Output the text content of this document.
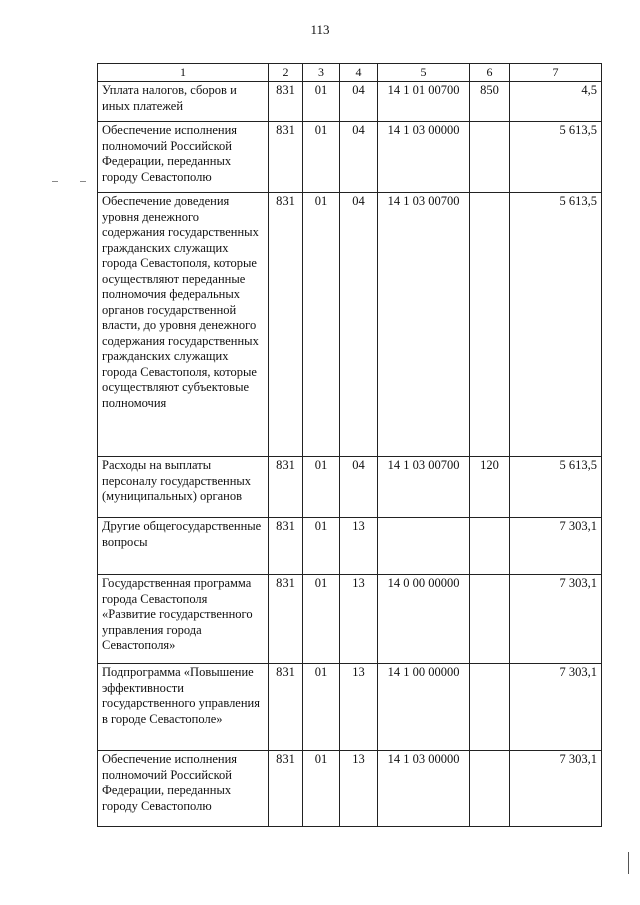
113
1	2	3	4	5	6	7
Уплата налогов, сборов и иных платежей	831	01	04	14 1 01 00700	850	4,5
Обеспечение исполнения полномочий Российской Федерации, переданных городу Севастополю	831	01	04	14 1 03 00000		5 613,5
Обеспечение доведения уровня денежного содержания государственных гражданских служащих города Севастополя, которые осуществляют переданные полномочия федеральных органов государственной власти, до уровня денежного содержания государственных гражданских служащих города Севастополя, которые осуществляют субъектовые полномочия	831	01	04	14 1 03 00700		5 613,5
Расходы на выплаты персоналу государственных (муниципальных) органов	831	01	04	14 1 03 00700	120	5 613,5
Другие общегосударственные вопросы	831	01	13			7 303,1
Государственная программа города Севастополя «Развитие государственного управления города Севастополя»	831	01	13	14 0 00 00000		7 303,1
Подпрограмма «Повышение эффективности государственного управления в городе Севастополе»	831	01	13	14 1 00 00000		7 303,1
Обеспечение исполнения полномочий Российской Федерации, переданных городу Севастополю	831	01	13	14 1 03 00000		7 303,1
